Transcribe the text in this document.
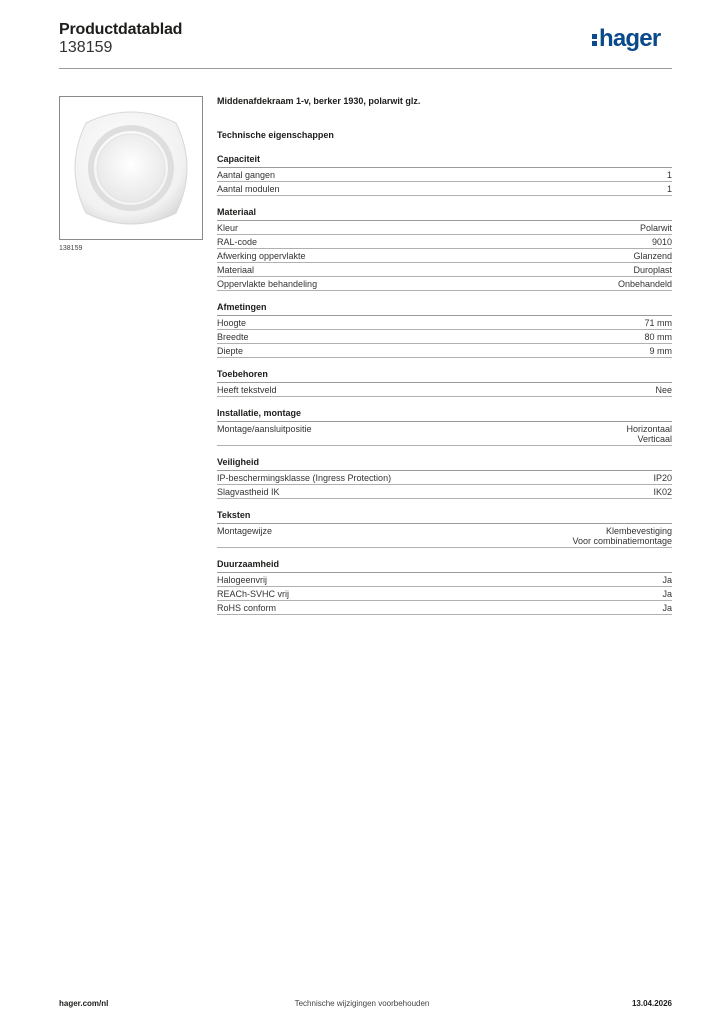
Productdatablad
138159	hager
138159
Middenafdekraam 1-v, berker 1930, polarwit glz.
Technische eigenschappen
Capaciteit
Aantal gangen	1
Aantal modulen	1
Materiaal
Kleur	Polarwit
RAL-code	9010
Afwerking oppervlakte	Glanzend
Materiaal	Duroplast
Oppervlakte behandeling	Onbehandeld
Afmetingen
Hoogte	71 mm
Breedte	80 mm
Diepte	9 mm
Toebehoren
Heeft tekstveld	Nee
Installatie, montage
Montage/aansluitpositie	Horizontaal
Verticaal
Veiligheid
IP-beschermingsklasse (Ingress Protection)	IP20
Slagvastheid IK	IK02
Teksten
Montagewijze	Klembevestiging
Voor combinatiemontage
Duurzaamheid
Halogeenvrij	Ja
REACh-SVHC vrij	Ja
RoHS conform	Ja
hager.com/nl	Technische wijzigingen voorbehouden	13.04.2026
